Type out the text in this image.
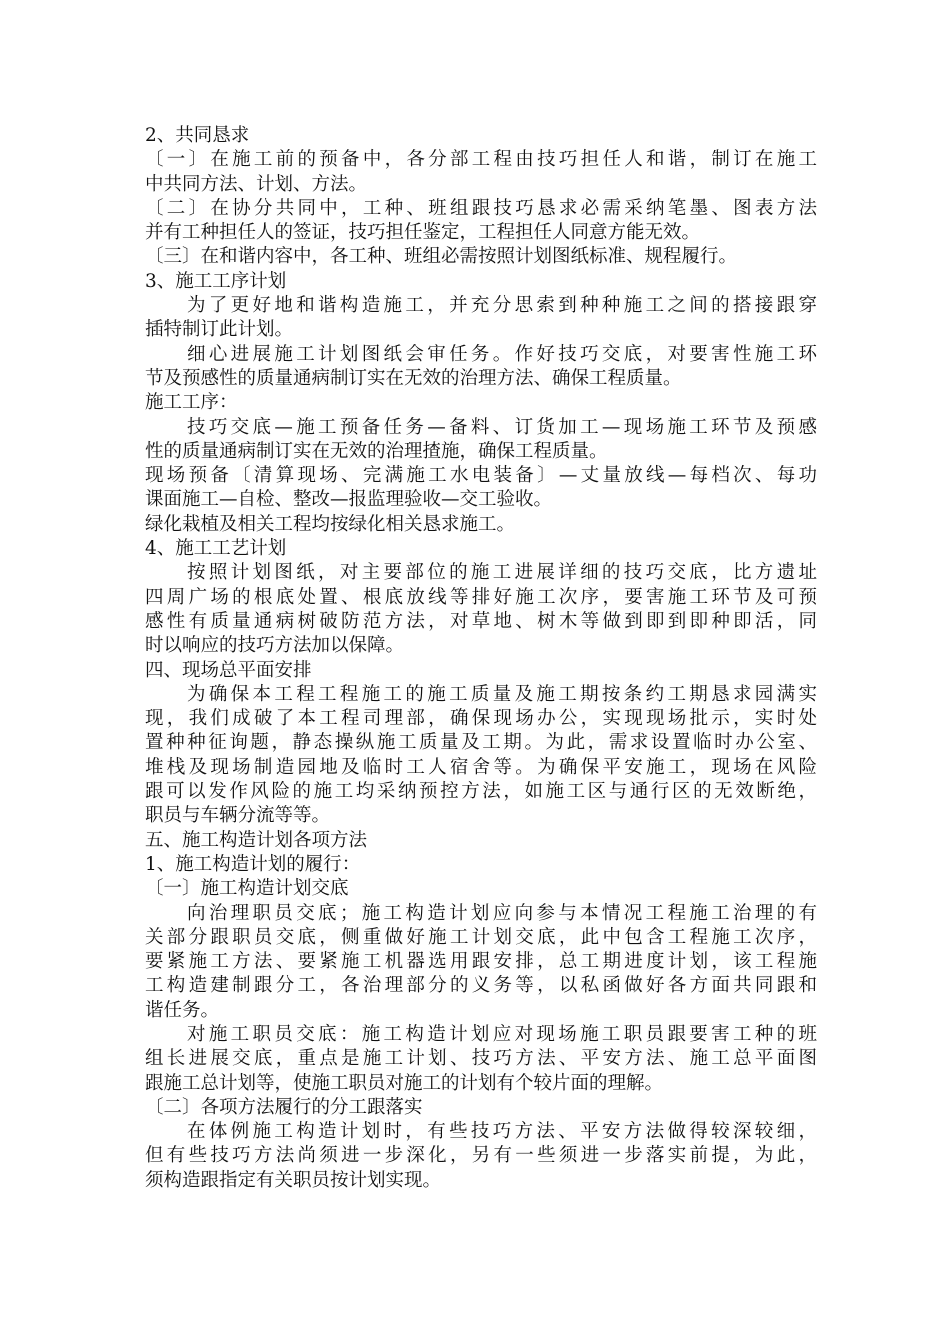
2、共同恳求
〔一〕在施工前的预备中，各分部工程由技巧担任人和谐，制订在施工
中共同方法、计划、方法。
〔二〕在协分共同中，工种、班组跟技巧恳求必需采纳笔墨、图表方法
并有工种担任人的签证，技巧担任鉴定，工程担任人同意方能无效。
〔三〕在和谐内容中，各工种、班组必需按照计划图纸标准、规程履行。
3、施工工序计划
为了更好地和谐构造施工，并充分思索到种种施工之间的搭接跟穿
插特制订此计划。
细心进展施工计划图纸会审任务。作好技巧交底，对要害性施工环
节及预感性的质量通病制订实在无效的治理方法、确保工程质量。
施工工序：
技巧交底—施工预备任务—备料、订货加工—现场施工环节及预感
性的质量通病制订实在无效的治理揸施，确保工程质量。
现场预备〔清算现场、完满施工水电装备〕—丈量放线—每档次、每功
课面施工—自检、整改—报监理验收—交工验收。
绿化栽植及相关工程均按绿化相关恳求施工。
4、施工工艺计划
按照计划图纸，对主要部位的施工进展详细的技巧交底，比方遗址
四周广场的根底处置、根底放线等排好施工次序，要害施工环节及可预
感性有质量通病树破防范方法，对草地、树木等做到即到即种即活，同
时以响应的技巧方法加以保障。
四、现场总平面安排
为确保本工程工程施工的施工质量及施工期按条约工期恳求园满实
现，我们成破了本工程司理部，确保现场办公，实现现场批示，实时处
置种种征询题，静态操纵施工质量及工期。为此，需求设置临时办公室、
堆栈及现场制造园地及临时工人宿舍等。为确保平安施工，现场在风险
跟可以发作风险的施工均采纳预控方法，如施工区与通行区的无效断绝，
职员与车辆分流等等。
五、施工构造计划各项方法
1、施工构造计划的履行：
〔一〕施工构造计划交底
向治理职员交底；施工构造计划应向参与本情况工程施工治理的有
关部分跟职员交底，侧重做好施工计划交底，此中包含工程施工次序，
要紧施工方法、要紧施工机器选用跟安排，总工期进度计划，该工程施
工构造建制跟分工，各治理部分的义务等，以私函做好各方面共同跟和
谐任务。
对施工职员交底：施工构造计划应对现场施工职员跟要害工种的班
组长进展交底，重点是施工计划、技巧方法、平安方法、施工总平面图
跟施工总计划等，使施工职员对施工的计划有个较片面的理解。
〔二〕各项方法履行的分工跟落实
在体例施工构造计划时，有些技巧方法、平安方法做得较深较细，
但有些技巧方法尚须进一步深化，另有一些须进一步落实前提，为此，
须构造跟指定有关职员按计划实现。
